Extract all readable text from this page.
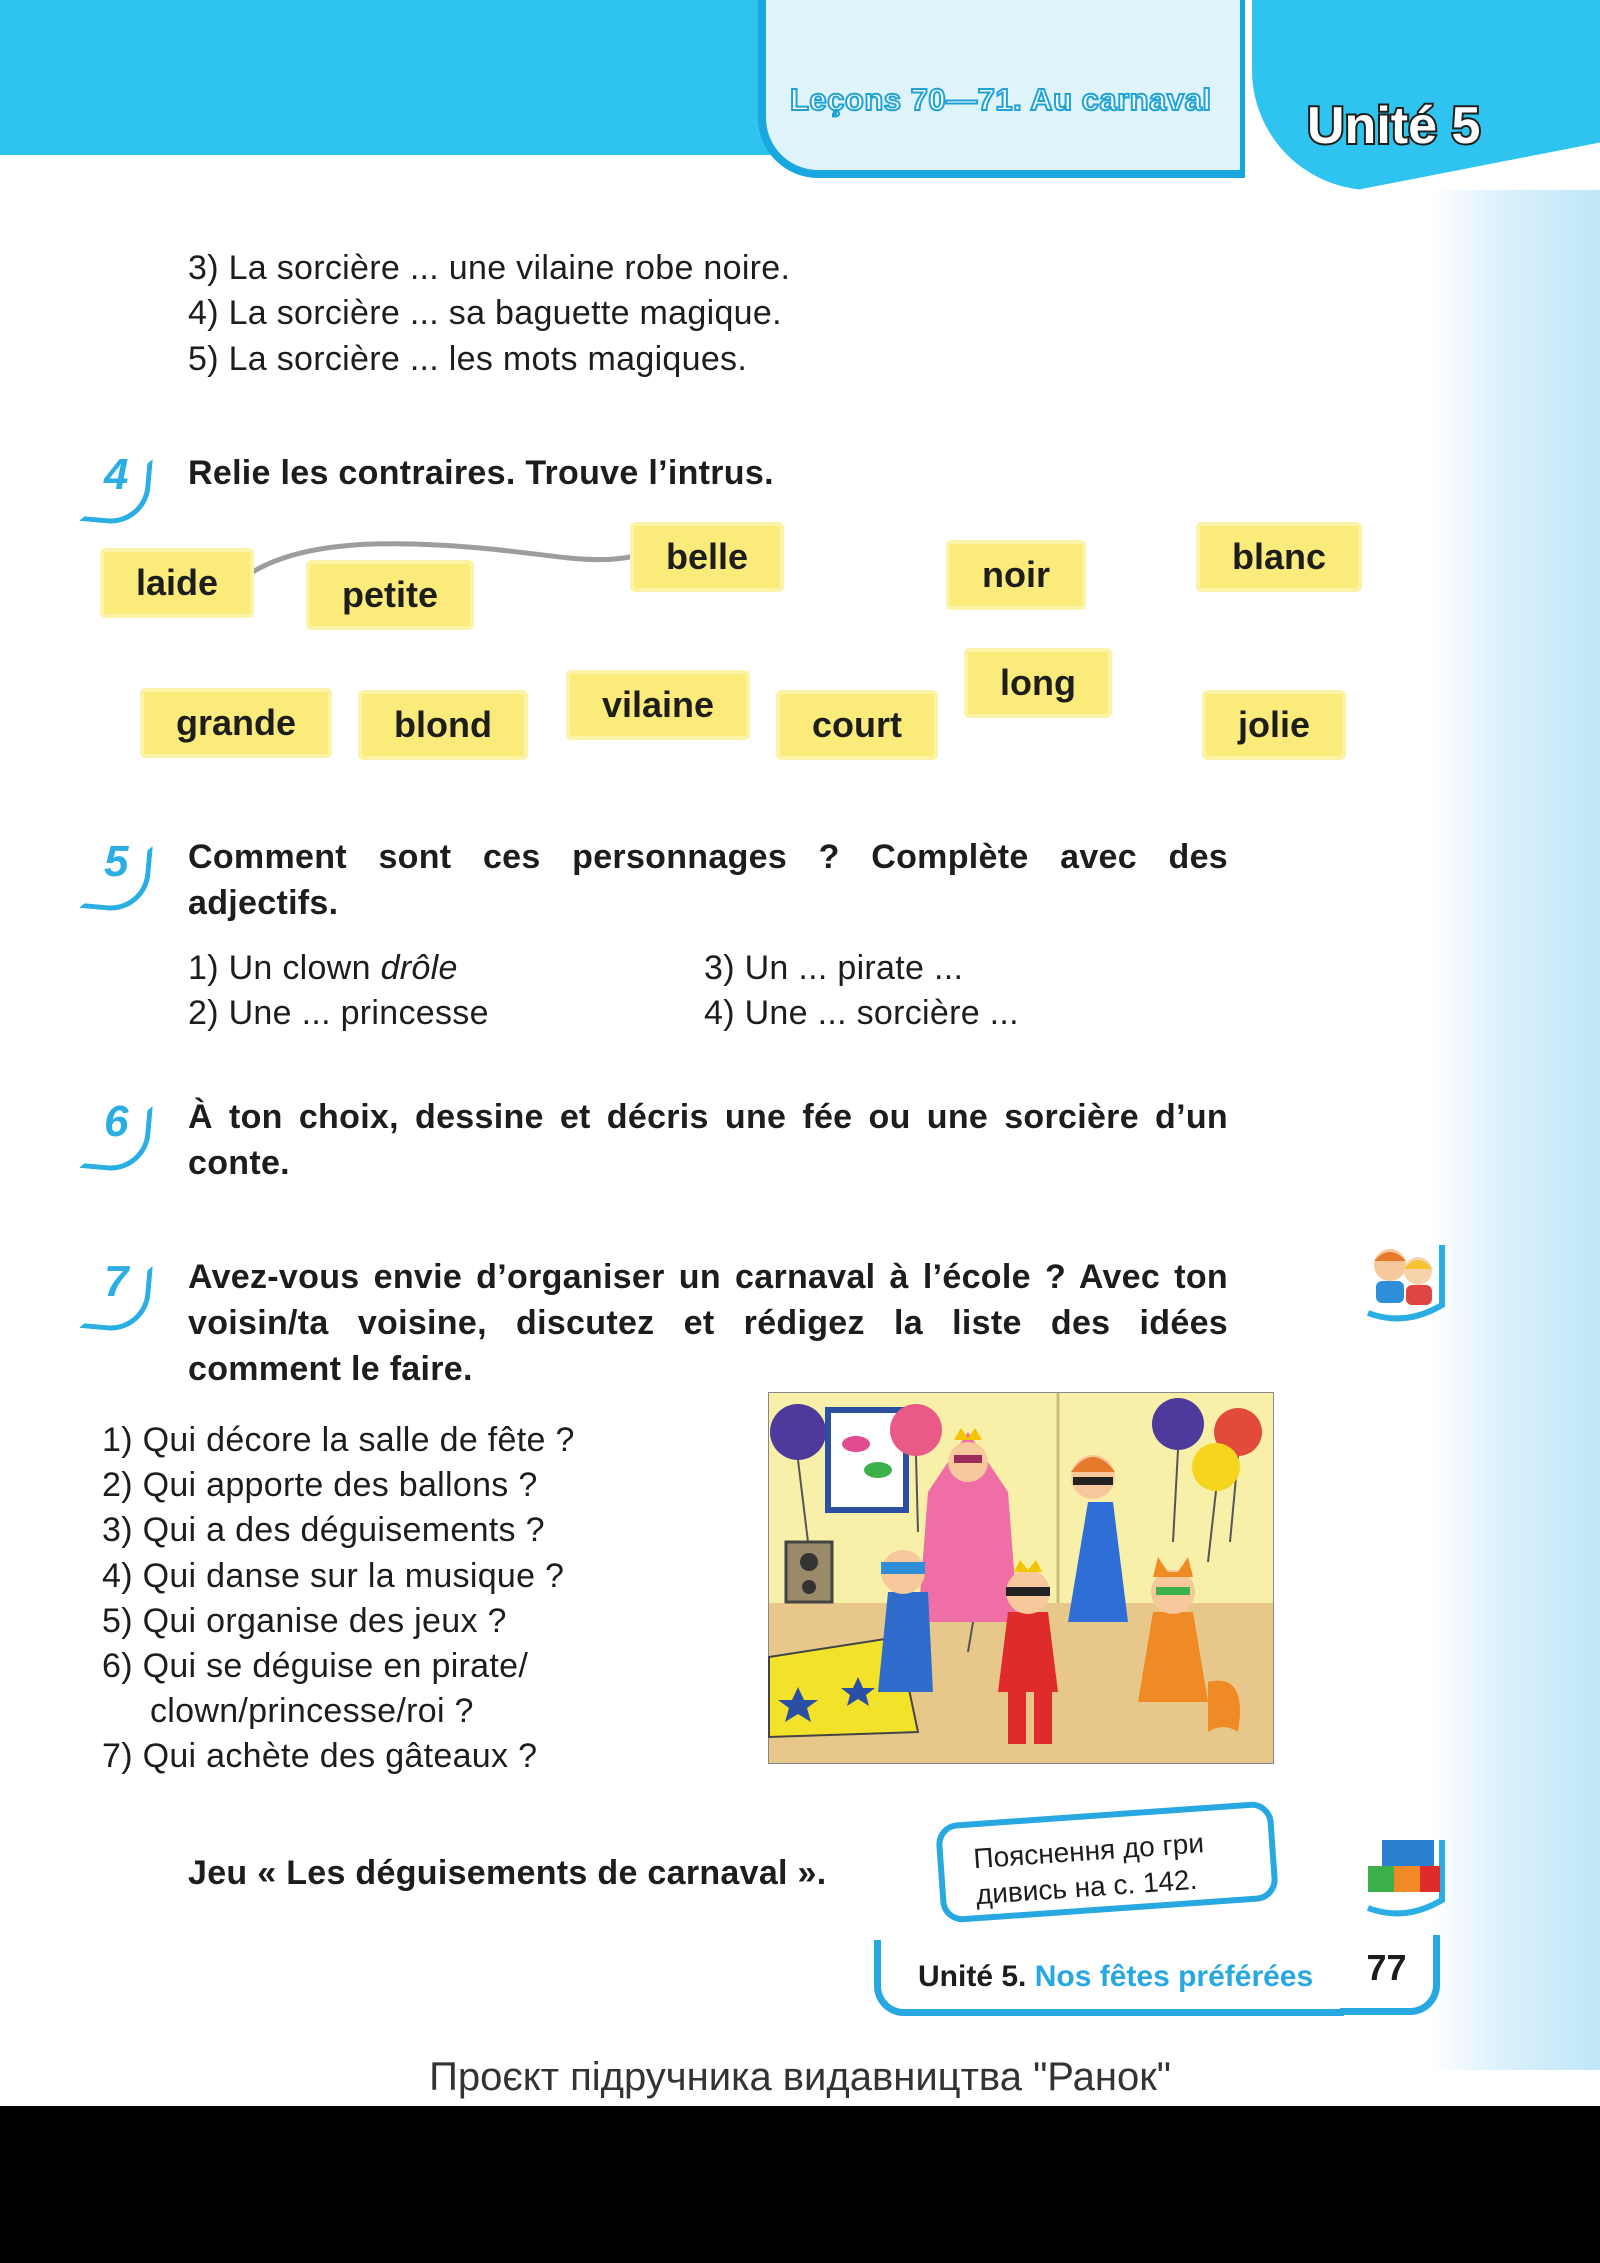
Leçons 70—71. Au carnaval Unité 5
3) La sorcière ... une vilaine robe noire.
4) La sorcière ... sa baguette magique.
5) La sorcière ... les mots magiques.
4 Relie les contraires. Trouve l’intrus.
laide	petite
belle	noir	blanc
grande	blond	vilaine	court
long
jolie
5 Comment sont ces personnages ? Complète avec des adjectifs.
1) Un clown drôle
2) Une ... princesse
3) Un ... pirate ...
4) Une ... sorcière ...
6 À ton choix, dessine et décris une fée ou une sorcière d’un conte.
7 Avez-vous envie d’organiser un carnaval à l’école ? Avec ton voisin/ta voisine, discutez et rédigez la liste des idées comment le faire.
1) Qui décore la salle de fête ?
2) Qui apporte des ballons ?
3) Qui a des déguisements ?
4) Qui danse sur la musique ?
5) Qui organise des jeux ?
6) Qui se déguise en pirate/
clown/princesse/roi ?
7) Qui achète des gâteaux ?
Jeu « Les déguisements de carnaval ».	Пояснення до гри дивись на с. 142.
Unité 5. Nos fêtes préférées	77
Проєкт підручника видавництва "Ранок"
